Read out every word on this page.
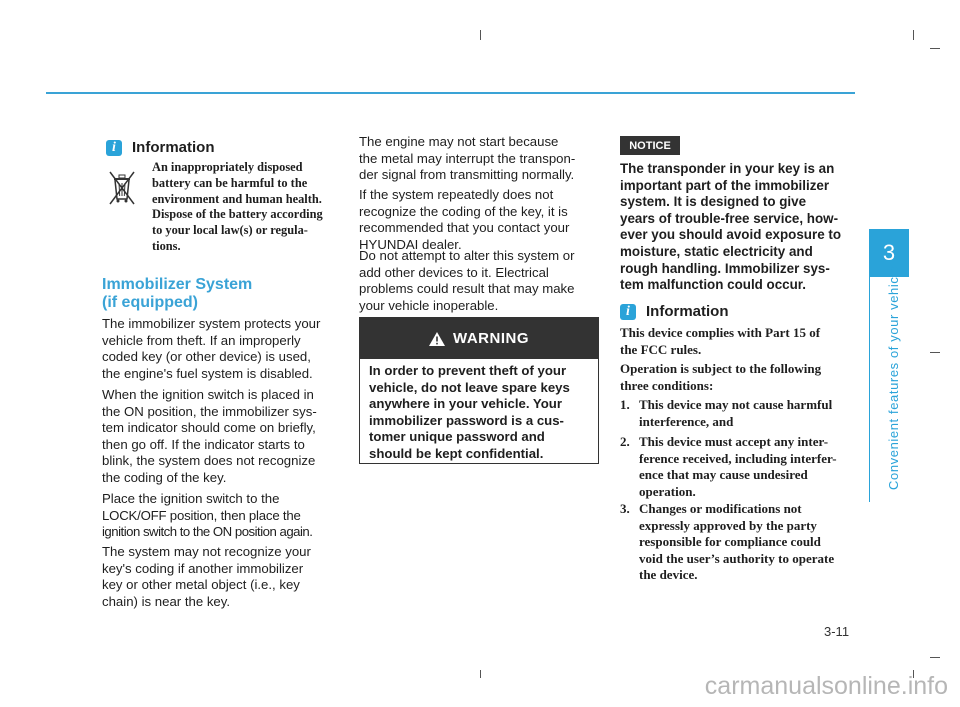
3
Convenient features of your vehicle
i	Information
An inappropriately disposed
battery can be harmful to the
environment and human health.
Dispose of the battery according
to your local law(s) or regula-
tions.
Immobilizer System
(if equipped)
The immobilizer system protects your
vehicle from theft. If an improperly
coded key (or other device) is used,
the engine's fuel system is disabled.
When the ignition switch is placed in
the ON position, the immobilizer sys-
tem indicator should come on briefly,
then go off. If the indicator starts to
blink, the system does not recognize
the coding of the key.
Place the ignition switch to the
LOCK/OFF position, then place the
ignition switch to the ON position again.
The system may not recognize your
key's coding if another immobilizer
key or other metal object (i.e., key
chain) is near the key.
The engine may not start because
the metal may interrupt the transpon-
der signal from transmitting normally.
If the system repeatedly does not
recognize the coding of the key, it is
recommended that you contact your
HYUNDAI dealer.
Do not attempt to alter this system or
add other devices to it. Electrical
problems could result that may make
your vehicle inoperable.
WARNING
In order to prevent theft of your
vehicle, do not leave spare keys
anywhere in your vehicle. Your
immobilizer password is a cus-
tomer unique password and
should be kept confidential.
NOTICE
The transponder in your key is an
important part of the immobilizer
system. It is designed to give
years of trouble-free service, how-
ever you should avoid exposure to
moisture, static electricity and
rough handling. Immobilizer sys-
tem malfunction could occur.
i	Information
This device complies with Part 15 of
the FCC rules.
Operation is subject to the following
three conditions:
1. This device may not cause harmful
interference, and
2. This device must accept any inter-
ference received, including interfer-
ence that may cause undesired
operation.
3. Changes or modifications not
expressly approved by the party
responsible for compliance could
void the user’s authority to operate
the device.
3-11
carmanualsonline.info
